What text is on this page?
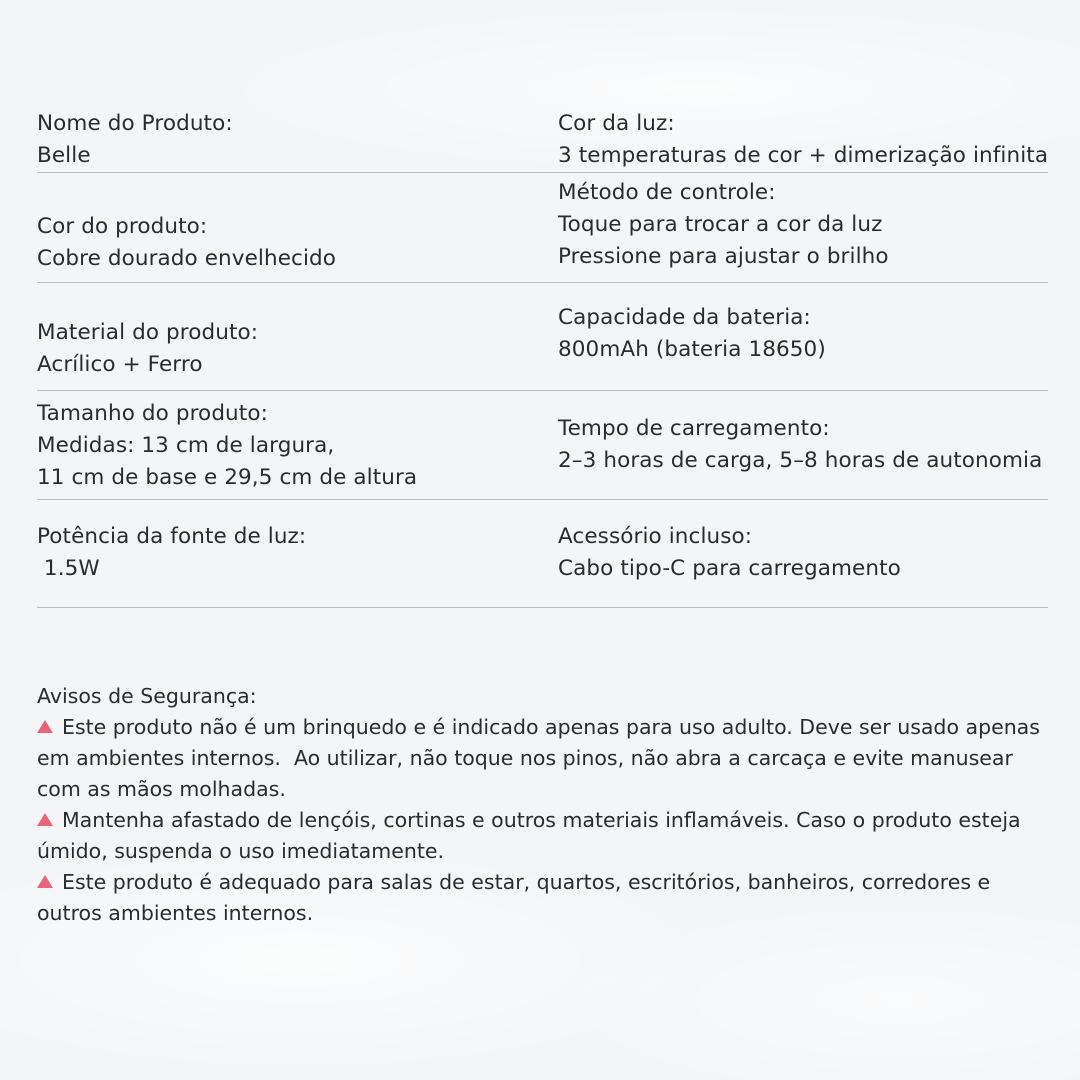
Nome do Produto:
Belle
Cor da luz:
3 temperaturas de cor + dimerização infinita
Cor do produto:
Cobre dourado envelhecido
Método de controle:
Toque para trocar a cor da luz
Pressione para ajustar o brilho
Material do produto:
Acrílico + Ferro
Capacidade da bateria:
800mAh (bateria 18650)
Tamanho do produto:
Medidas: 13 cm de largura,
11 cm de base e 29,5 cm de altura
Tempo de carregamento:
2–3 horas de carga, 5–8 horas de autonomia
Potência da fonte de luz:
1.5W
Acessório incluso:
Cabo tipo-C para carregamento
Avisos de Segurança:
Este produto não é um brinquedo e é indicado apenas para uso adulto. Deve ser usado apenas em ambientes internos.  Ao utilizar, não toque nos pinos, não abra a carcaça e evite manusear com as mãos molhadas.
Mantenha afastado de lençóis, cortinas e outros materiais inflamáveis. Caso o produto esteja úmido, suspenda o uso imediatamente.
Este produto é adequado para salas de estar, quartos, escritórios, banheiros, corredores e outros ambientes internos.
